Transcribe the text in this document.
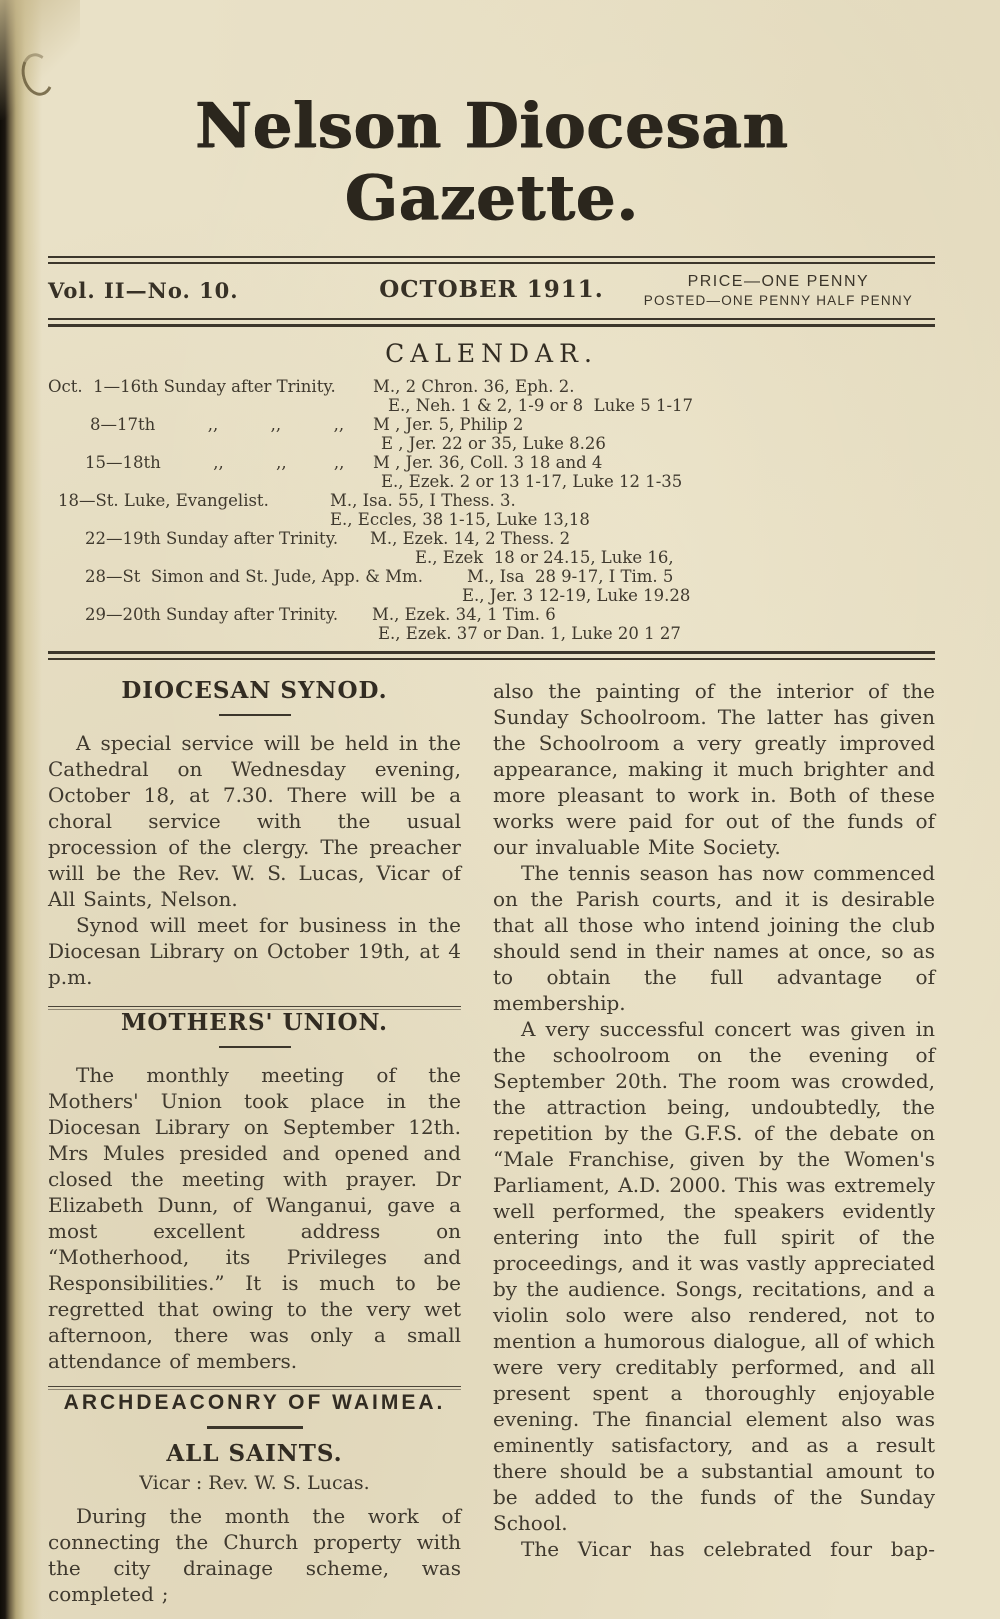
Nelson Diocesan Gazette.
Vol. II—No. 10.	OCTOBER 1911.	PRICE—ONE PENNY
POSTED—ONE PENNY HALF PENNY
CALENDAR.
Oct.  1—16th Sunday after Trinity. M., 2 Chron. 36, Eph. 2.
E., Neh. 1 & 2, 1-9 or 8  Luke 5 1-17
8—17th          ,,          ,,          ,, M , Jer. 5, Philip 2
E , Jer. 22 or 35, Luke 8.26
15—18th          ,,          ,,         ,, M , Jer. 36, Coll. 3 18 and 4
E., Ezek. 2 or 13 1-17, Luke 12 1-35
18—St. Luke, Evangelist.	M., Isa. 55, I Thess. 3.
E., Eccles, 38 1-15, Luke 13,18
22—19th Sunday after Trinity. M., Ezek. 14, 2 Thess. 2
E., Ezek  18 or 24.15, Luke 16,
28—St  Simon and St. Jude, App. & Mm.	M., Isa  28 9-17, I Tim. 5
E., Jer. 3 12-19, Luke 19.28
29—20th Sunday after Trinity. M., Ezek. 34, 1 Tim. 6
E., Ezek. 37 or Dan. 1, Luke 20 1 27
DIOCESAN SYNOD.

A special service will be held in the Cathedral on Wednesday evening, October 18, at 7.30. There will be a choral service with the usual procession of the clergy. The preacher will be the Rev. W. S. Lucas, Vicar of All Saints, Nelson.

Synod will meet for business in the Diocesan Library on October 19th, at 4 p.m.

MOTHERS' UNION.

The monthly meeting of the Mothers' Union took place in the Diocesan Library on September 12th. Mrs Mules presided and opened and closed the meeting with prayer. Dr Elizabeth Dunn, of Wanganui, gave a most excellent address on “Motherhood, its Privileges and Responsibilities.” It is much to be regretted that owing to the very wet afternoon, there was only a small attendance of members.

ARCHDEACONRY OF WAIMEA.
ALL SAINTS.

Vicar : Rev. W. S. Lucas.

During the month the work of connecting the Church property with the city drainage scheme, was completed ;

also the painting of the interior of the Sunday Schoolroom. The latter has given the Schoolroom a very greatly improved appearance, making it much brighter and more pleasant to work in. Both of these works were paid for out of the funds of our invaluable Mite Society.

The tennis season has now commenced on the Parish courts, and it is desirable that all those who intend joining the club should send in their names at once, so as to obtain the full advantage of membership.

A very successful concert was given in the schoolroom on the evening of September 20th. The room was crowded, the attraction being, undoubtedly, the repetition by the G.F.S. of the debate on “Male Franchise, given by the Women's Parliament, A.D. 2000. This was extremely well performed, the speakers evidently entering into the full spirit of the proceedings, and it was vastly appreciated by the audience. Songs, recitations, and a violin solo were also rendered, not to mention a humorous dialogue, all of which were very creditably performed, and all present spent a thoroughly enjoyable evening. The financial element also was eminently satisfactory, and as a result there should be a substantial amount to be added to the funds of the Sunday School.

The Vicar has celebrated four bap-
